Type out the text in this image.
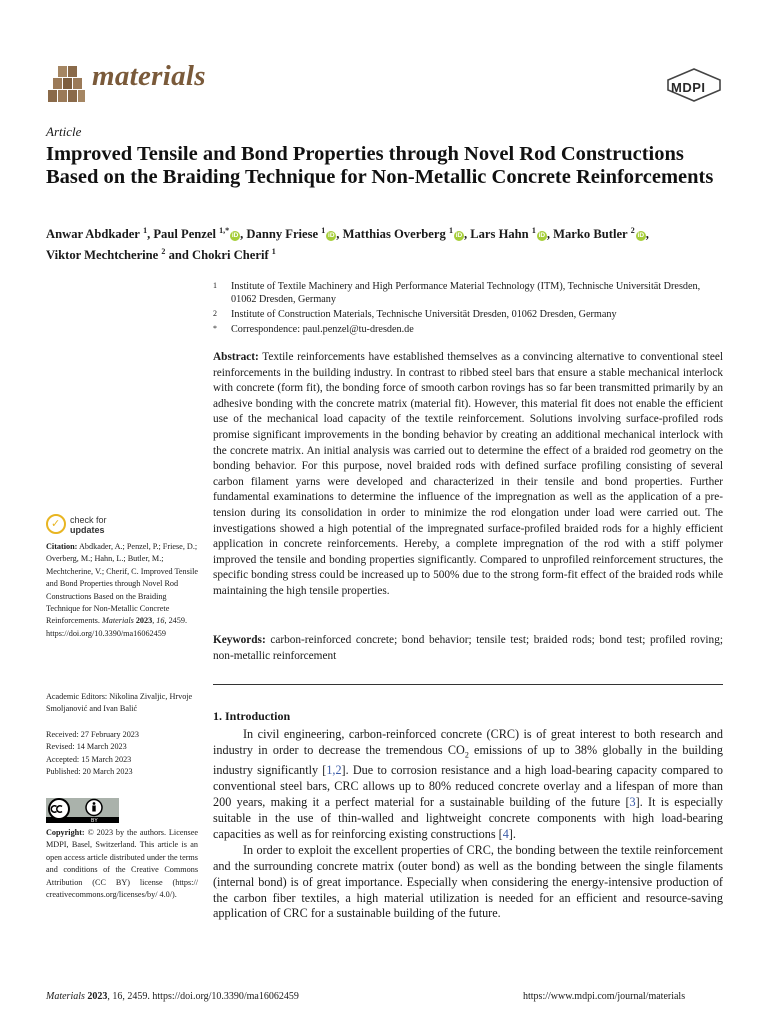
materials	MDPI
Article
Improved Tensile and Bond Properties through Novel Rod Constructions Based on the Braiding Technique for Non-Metallic Concrete Reinforcements
Anwar Abdkader $^1$, Paul Penzel $^{1,*}$iD , Danny Friese $^1$iD , Matthias Overberg $^1$iD , Lars Hahn $^1$iD , Marko Butler $^2$iD ,
Viktor Mechtcherine $^2$ and Chokri Cherif $^1$
1 Institute of Textile Machinery and High Performance Material Technology (ITM), Technische Universität Dresden, 01062 Dresden, Germany
2 Institute of Construction Materials, Technische Universität Dresden, 01062 Dresden, Germany
* Correspondence: paul.penzel@tu-dresden.de
Abstract: Textile reinforcements have established themselves as a convincing alternative to conventional steel reinforcements in the building industry. In contrast to ribbed steel bars that ensure a stable mechanical interlock with concrete (form fit), the bonding force of smooth carbon rovings has so far been transmitted primarily by an adhesive bonding with the concrete matrix (material fit). However, this material fit does not enable the efficient use of the mechanical load capacity of the textile reinforcement. Solutions involving surface-profiled rods promise significant improvements in the bonding behavior by creating an additional mechanical interlock with the concrete matrix. An initial analysis was carried out to determine the effect of a braided rod geometry on the bonding behavior. For this purpose, novel braided rods with defined surface profiling consisting of several carbon filament yarns were developed and characterized in their tensile and bond properties. Further fundamental examinations to determine the influence of the impregnation as well as the application of a pre-tension during its consolidation in order to minimize the rod elongation under load were carried out. The investigations showed a high potential of the impregnated surface-profiled braided rods for a highly efficient application in concrete reinforcements. Hereby, a complete impregnation of the rod with a stiff polymer improved the tensile and bonding properties significantly. Compared to unprofiled reinforcement structures, the specific bonding stress could be increased up to 500% due to the strong form-fit effect of the braided rods while maintaining the high tensile properties.
Keywords: carbon-reinforced concrete; bond behavior; tensile test; braided rods; bond test; profiled roving; non-metallic reinforcement
1. Introduction

In civil engineering, carbon-reinforced concrete (CRC) is of great interest to both research and industry in order to decrease the tremendous $CO_2$ emissions of up to 38% globally in the building industry significantly [1,2]. Due to corrosion resistance and a high load-bearing capacity compared to conventional steel bars, CRC allows up to 80% reduced concrete overlay and a lifespan of more than 200 years, making it a perfect material for a sustainable building of the future [3]. It is especially suitable in the use of thin-walled and lightweight concrete components with high load-bearing capacities as well as for reinforcing existing constructions [4].

In order to exploit the excellent properties of CRC, the bonding between the textile reinforcement and the surrounding concrete matrix (outer bond) as well as the bonding between the single filaments (internal bond) is of great importance. Especially when considering the energy-intensive production of the carbon fiber textiles, a high material utilization is needed for an efficient and resource-saving application of CRC for a sustainable building of the future.

✓ check for
updates
Citation: Abdkader, A.; Penzel, P.; Friese, D.; Overberg, M.; Hahn, L.; Butler, M.; Mechtcherine, V.; Cherif, C. Improved Tensile and Bond Properties through Novel Rod Constructions Based on the Braiding Technique for Non-Metallic Concrete Reinforcements. Materials 2023, 16, 2459. https://doi.org/10.3390/ma16062459
Academic Editors: Nikolina Zivaljic, Hrvoje Smoljanović and Ivan Balić
Received: 27 February 2023
Revised: 14 March 2023
Accepted: 15 March 2023
Published: 20 March 2023
BY
Copyright: © 2023 by the authors. Licensee MDPI, Basel, Switzerland. This article is an open access article distributed under the terms and conditions of the Creative Commons Attribution (CC BY) license (https:// creativecommons.org/licenses/by/ 4.0/).
Materials 2023, 16, 2459. https://doi.org/10.3390/ma16062459	https://www.mdpi.com/journal/materials
